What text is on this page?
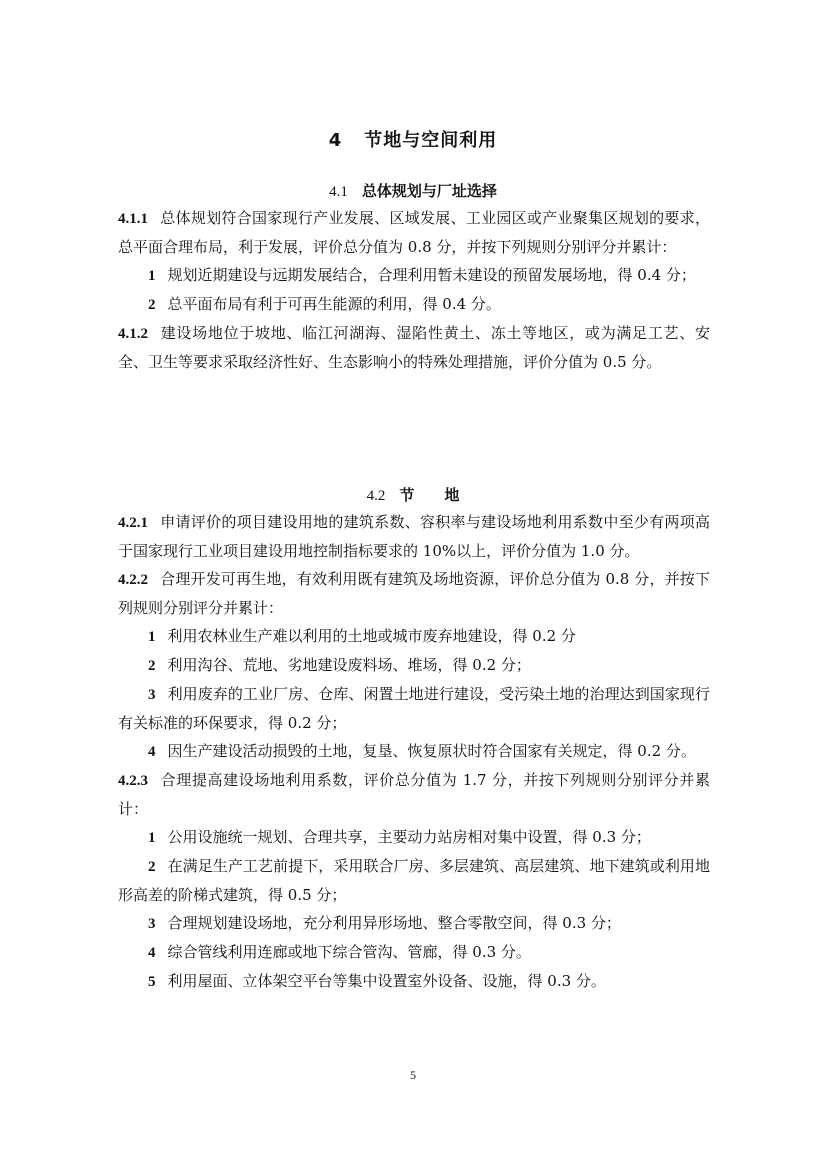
4 节地与空间利用
4.1 总体规划与厂址选择

4.1.1 总体规划符合国家现行产业发展、区域发展、工业园区或产业聚集区规划的要求，总平面合理布局，利于发展，评价总分值为 0.8 分，并按下列规则分别评分并累计：

1 规划近期建设与远期发展结合，合理利用暂未建设的预留发展场地，得 0.4 分；

2 总平面布局有利于可再生能源的利用，得 0.4 分。

4.1.2 建设场地位于坡地、临江河湖海、湿陷性黄土、冻土等地区，或为满足工艺、安全、卫生等要求采取经济性好、生态影响小的特殊处理措施，评价分值为 0.5 分。

4.2 节　　地

4.2.1 申请评价的项目建设用地的建筑系数、容积率与建设场地利用系数中至少有两项高于国家现行工业项目建设用地控制指标要求的 10%以上，评价分值为 1.0 分。

4.2.2 合理开发可再生地，有效利用既有建筑及场地资源，评价总分值为 0.8 分，并按下列规则分别评分并累计：

1 利用农林业生产难以利用的土地或城市废弃地建设，得 0.2 分

2 利用沟谷、荒地、劣地建设废料场、堆场，得 0.2 分；

3 利用废弃的工业厂房、仓库、闲置土地进行建设，受污染土地的治理达到国家现行有关标准的环保要求，得 0.2 分；

4 因生产建设活动损毁的土地，复垦、恢复原状时符合国家有关规定，得 0.2 分。

4.2.3 合理提高建设场地利用系数，评价总分值为 1.7 分，并按下列规则分别评分并累计：

1 公用设施统一规划、合理共享，主要动力站房相对集中设置，得 0.3 分；

2 在满足生产工艺前提下，采用联合厂房、多层建筑、高层建筑、地下建筑或利用地形高差的阶梯式建筑，得 0.5 分；

3 合理规划建设场地，充分利用异形场地、整合零散空间，得 0.3 分；

4 综合管线利用连廊或地下综合管沟、管廊，得 0.3 分。

5 利用屋面、立体架空平台等集中设置室外设备、设施，得 0.3 分。

5
